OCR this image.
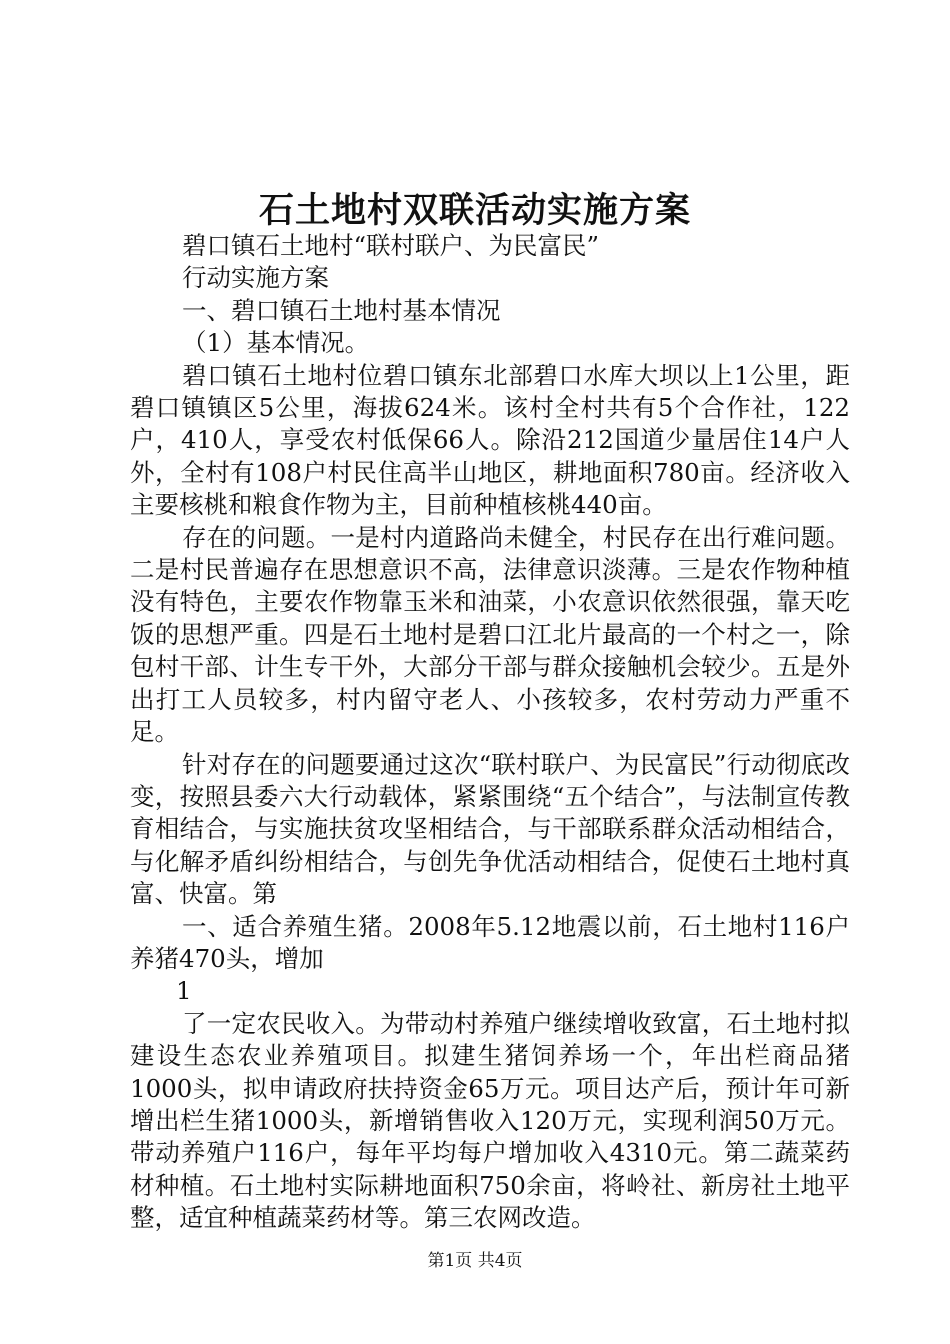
石土地村双联活动实施方案

碧口镇石土地村“联村联户、为民富民”

行动实施方案

一、碧口镇石土地村基本情况

（1）基本情况。

碧口镇石土地村位碧口镇东北部碧口水库大坝以上1公里，距碧口镇镇区5公里，海拔624米。该村全村共有5个合作社，122户，410人，享受农村低保66人。除沿212国道少量居住14户人外，全村有108户村民住高半山地区，耕地面积780亩。经济收入主要核桃和粮食作物为主，目前种植核桃440亩。

存在的问题。一是村内道路尚未健全，村民存在出行难问题。二是村民普遍存在思想意识不高，法律意识淡薄。三是农作物种植没有特色，主要农作物靠玉米和油菜，小农意识依然很强，靠天吃饭的思想严重。四是石土地村是碧口江北片最高的一个村之一，除包村干部、计生专干外，大部分干部与群众接触机会较少。五是外出打工人员较多，村内留守老人、小孩较多，农村劳动力严重不足。

针对存在的问题要通过这次“联村联户、为民富民”行动彻底改变，按照县委六大行动载体，紧紧围绕“五个结合”，与法制宣传教育相结合，与实施扶贫攻坚相结合，与干部联系群众活动相结合，与化解矛盾纠纷相结合，与创先争优活动相结合，促使石土地村真富、快富。第

一、适合养殖生猪。2008年5.12地震以前，石土地村116户养猪470头，增加

1

了一定农民收入。为带动村养殖户继续增收致富，石土地村拟建设生态农业养殖项目。拟建生猪饲养场一个，年出栏商品猪1000头，拟申请政府扶持资金65万元。项目达产后，预计年可新增出栏生猪1000头，新增销售收入120万元，实现利润50万元。带动养殖户116户，每年平均每户增加收入4310元。第二蔬菜药材种植。石土地村实际耕地面积750余亩，将岭社、新房社土地平整，适宜种植蔬菜药材等。第三农网改造。

第1页 共4页
